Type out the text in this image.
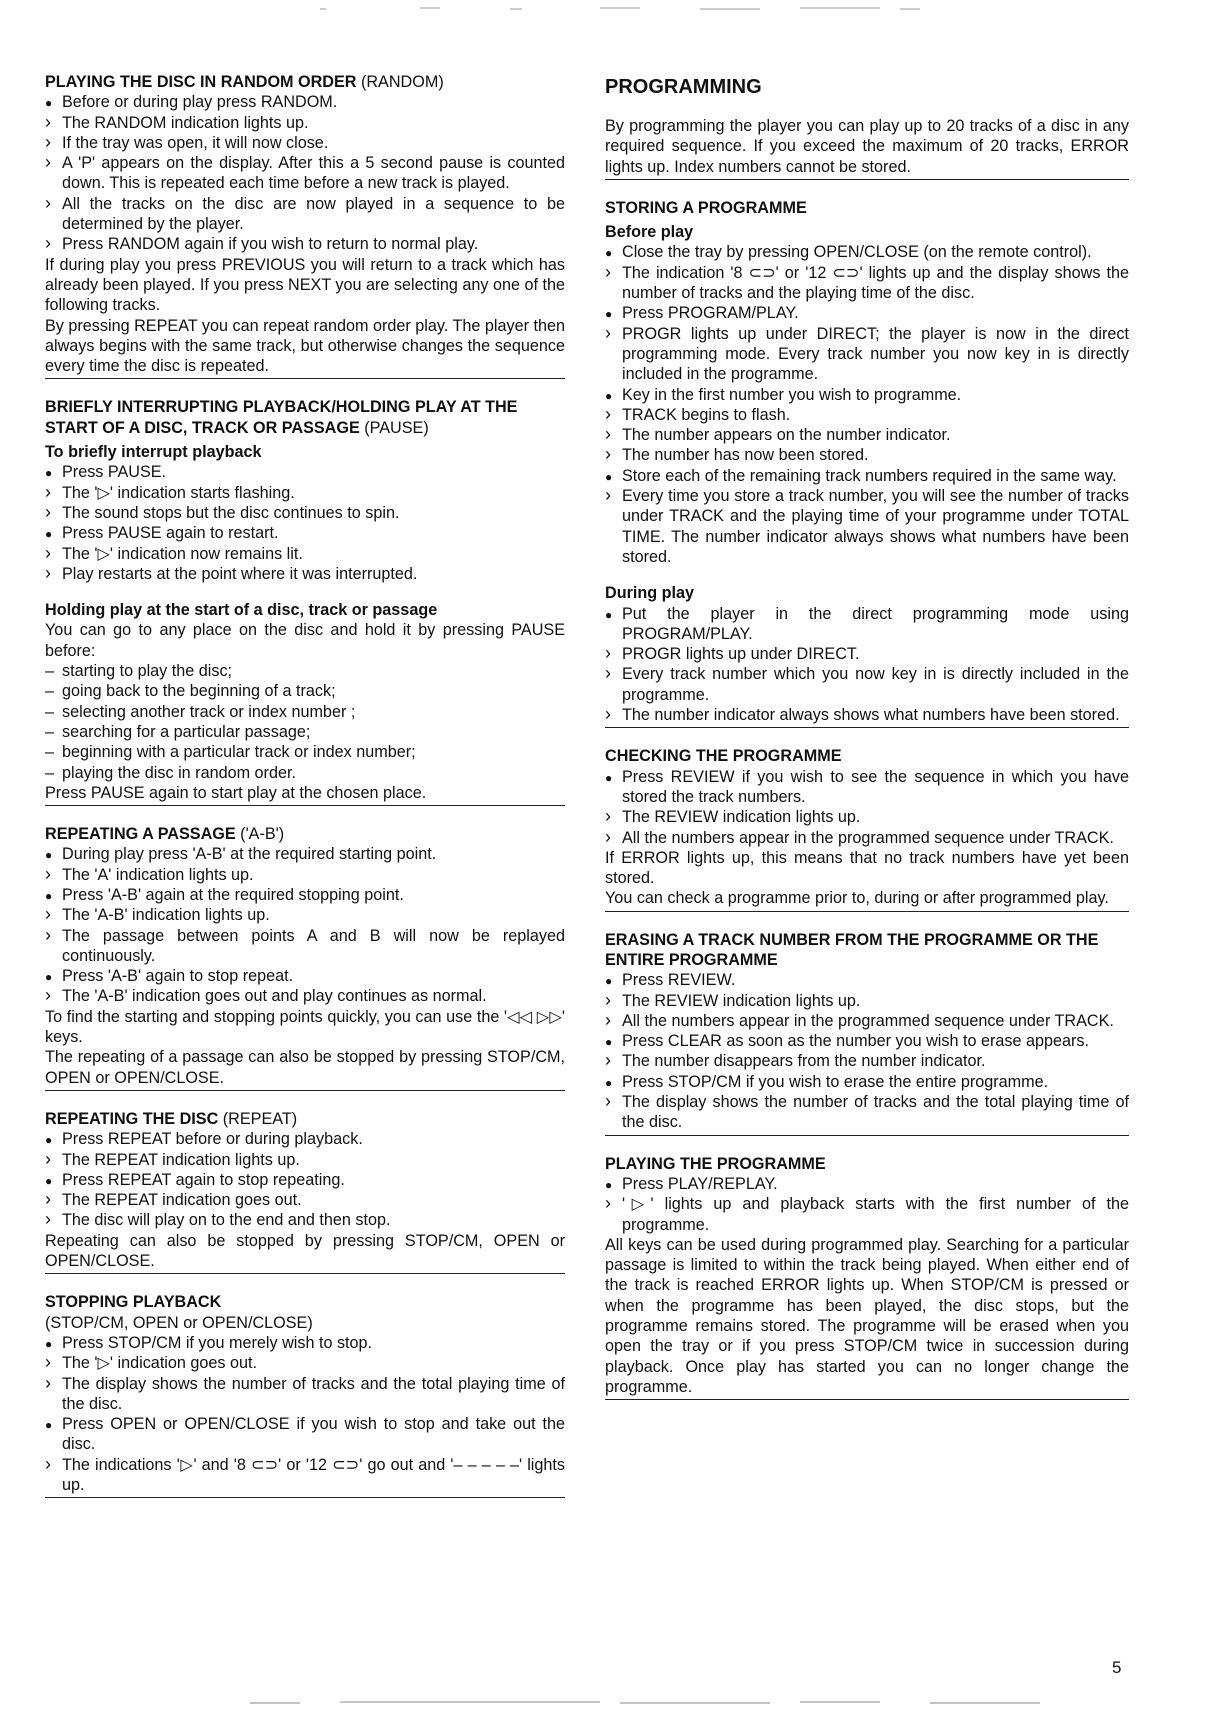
PLAYING THE DISC IN RANDOM ORDER (RANDOM)
●
Before or during play press RANDOM.
›
The RANDOM indication lights up.
›
If the tray was open, it will now close.
›
A 'P' appears on the display. After this a 5 second pause is counted down. This is repeated each time before a new track is played.
›
All the tracks on the disc are now played in a sequence to be determined by the player.
›
Press RANDOM again if you wish to return to normal play.
If during play you press PREVIOUS you will return to a track which has already been played. If you press NEXT you are selecting any one of the following tracks.
By pressing REPEAT you can repeat random order play. The player then always begins with the same track, but otherwise changes the sequence every time the disc is repeated.
BRIEFLY INTERRUPTING PLAYBACK/HOLDING PLAY AT THE START OF A DISC, TRACK OR PASSAGE (PAUSE)
To briefly interrupt playback
●
Press PAUSE.
›
The '▷' indication starts flashing.
›
The sound stops but the disc continues to spin.
●
Press PAUSE again to restart.
›
The '▷' indication now remains lit.
›
Play restarts at the point where it was interrupted.
Holding play at the start of a disc, track or passage
You can go to any place on the disc and hold it by pressing PAUSE before:
–
starting to play the disc;
–
going back to the beginning of a track;
–
selecting another track or index number ;
–
searching for a particular passage;
–
beginning with a particular track or index number;
–
playing the disc in random order.
Press PAUSE again to start play at the chosen place.
REPEATING A PASSAGE ('A-B')
●
During play press 'A-B' at the required starting point.
›
The 'A' indication lights up.
●
Press 'A-B' again at the required stopping point.
›
The 'A-B' indication lights up.
›
The passage between points A and B will now be replayed continuously.
●
Press 'A-B' again to stop repeat.
›
The 'A-B' indication goes out and play continues as normal.
To find the starting and stopping points quickly, you can use the '◁◁ ▷▷' keys.
The repeating of a passage can also be stopped by pressing STOP/CM, OPEN or OPEN/CLOSE.
REPEATING THE DISC (REPEAT)
●
Press REPEAT before or during playback.
›
The REPEAT indication lights up.
●
Press REPEAT again to stop repeating.
›
The REPEAT indication goes out.
›
The disc will play on to the end and then stop.
Repeating can also be stopped by pressing STOP/CM, OPEN or OPEN/CLOSE.
STOPPING PLAYBACK
(STOP/CM, OPEN or OPEN/CLOSE)
●
Press STOP/CM if you merely wish to stop.
›
The '▷' indication goes out.
›
The display shows the number of tracks and the total playing time of the disc.
●
Press OPEN or OPEN/CLOSE if you wish to stop and take out the disc.
›
The indications '▷' and '8 ⊂⊃' or '12 ⊂⊃' go out and '– – – – –' lights up.
PROGRAMMING
By programming the player you can play up to 20 tracks of a disc in any required sequence. If you exceed the maximum of 20 tracks, ERROR lights up. Index numbers cannot be stored.
STORING A PROGRAMME
Before play
●
Close the tray by pressing OPEN/CLOSE (on the remote control).
›
The indication '8 ⊂⊃' or '12 ⊂⊃' lights up and the display shows the number of tracks and the playing time of the disc.
●
Press PROGRAM/PLAY.
›
PROGR lights up under DIRECT; the player is now in the direct programming mode. Every track number you now key in is directly included in the programme.
●
Key in the first number you wish to programme.
›
TRACK begins to flash.
›
The number appears on the number indicator.
›
The number has now been stored.
●
Store each of the remaining track numbers required in the same way.
›
Every time you store a track number, you will see the number of tracks under TRACK and the playing time of your programme under TOTAL TIME. The number indicator always shows what numbers have been stored.
During play
●
Put the player in the direct programming mode using PROGRAM/PLAY.
›
PROGR lights up under DIRECT.
›
Every track number which you now key in is directly included in the programme.
›
The number indicator always shows what numbers have been stored.
CHECKING THE PROGRAMME
●
Press REVIEW if you wish to see the sequence in which you have stored the track numbers.
›
The REVIEW indication lights up.
›
All the numbers appear in the programmed sequence under TRACK.
If ERROR lights up, this means that no track numbers have yet been stored.
You can check a programme prior to, during or after programmed play.
ERASING A TRACK NUMBER FROM THE PROGRAMME OR THE ENTIRE PROGRAMME
●
Press REVIEW.
›
The REVIEW indication lights up.
›
All the numbers appear in the programmed sequence under TRACK.
●
Press CLEAR as soon as the number you wish to erase appears.
›
The number disappears from the number indicator.
●
Press STOP/CM if you wish to erase the entire programme.
›
The display shows the number of tracks and the total playing time of the disc.
PLAYING THE PROGRAMME
●
Press PLAY/REPLAY.
›
'▷' lights up and playback starts with the first number of the programme.
All keys can be used during programmed play. Searching for a particular passage is limited to within the track being played. When either end of the track is reached ERROR lights up. When STOP/CM is pressed or when the programme has been played, the disc stops, but the programme remains stored. The programme will be erased when you open the tray or if you press STOP/CM twice in succession during playback. Once play has started you can no longer change the programme.
5
